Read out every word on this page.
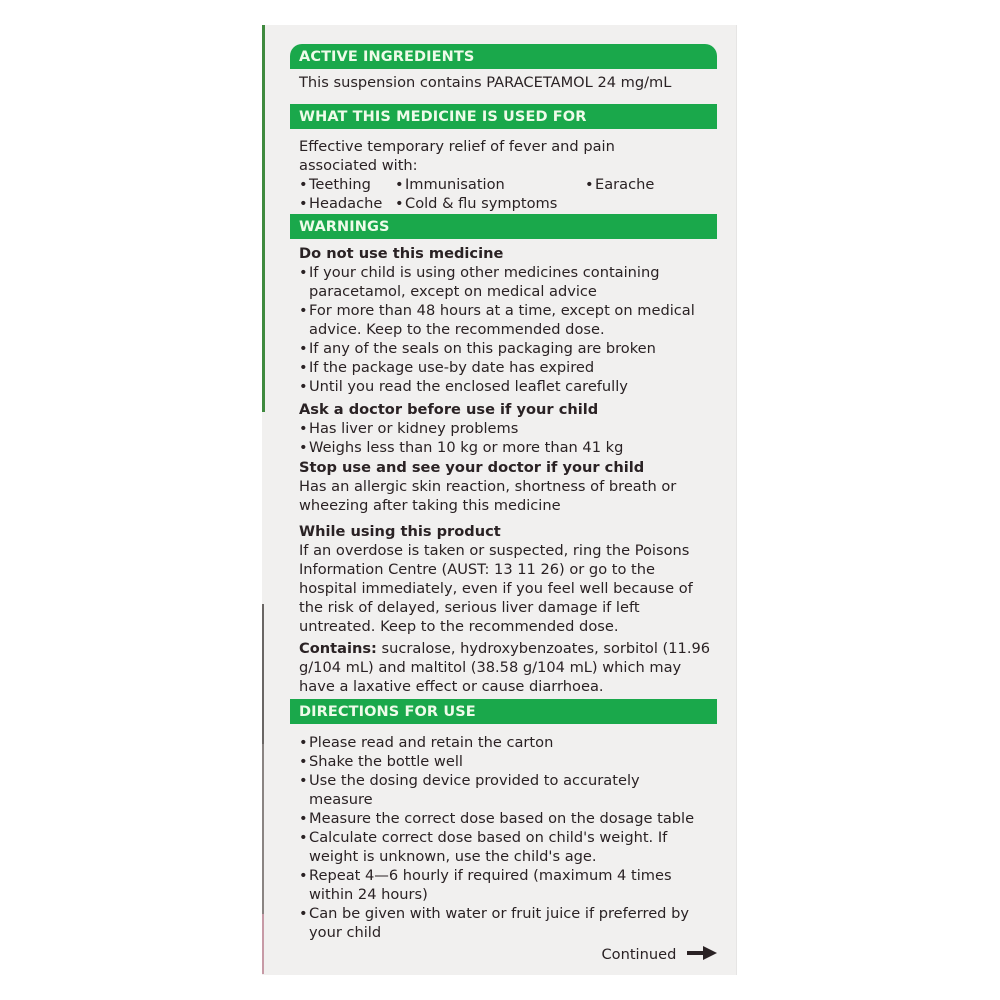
ACTIVE INGREDIENTS
This suspension contains PARACETAMOL 24 mg/mL
WHAT THIS MEDICINE IS USED FOR
Effective temporary relief of fever and pain
associated with:
• Teething	• Immunisation	• Earache
• Headache	• Cold & flu symptoms
WARNINGS
Do not use this medicine
• If your child is using other medicines containing paracetamol, except on medical advice
• For more than 48 hours at a time, except on medical advice. Keep to the recommended dose.
• If any of the seals on this packaging are broken
• If the package use-by date has expired
• Until you read the enclosed leaflet carefully
Ask a doctor before use if your child
• Has liver or kidney problems
• Weighs less than 10 kg or more than 41 kg
Stop use and see your doctor if your child
Has an allergic skin reaction, shortness of breath or wheezing after taking this medicine
While using this product
If an overdose is taken or suspected, ring the Poisons Information Centre (AUST: 13 11 26) or go to the hospital immediately, even if you feel well because of the risk of delayed, serious liver damage if left untreated. Keep to the recommended dose.
Contains: sucralose, hydroxybenzoates, sorbitol (11.96 g/104 mL) and maltitol (38.58 g/104 mL) which may have a laxative effect or cause diarrhoea.
DIRECTIONS FOR USE
• Please read and retain the carton
• Shake the bottle well
• Use the dosing device provided to accurately measure
• Measure the correct dose based on the dosage table
• Calculate correct dose based on child's weight. If weight is unknown, use the child's age.
• Repeat 4—6 hourly if required (maximum 4 times within 24 hours)
• Can be given with water or fruit juice if preferred by your child
Continued
